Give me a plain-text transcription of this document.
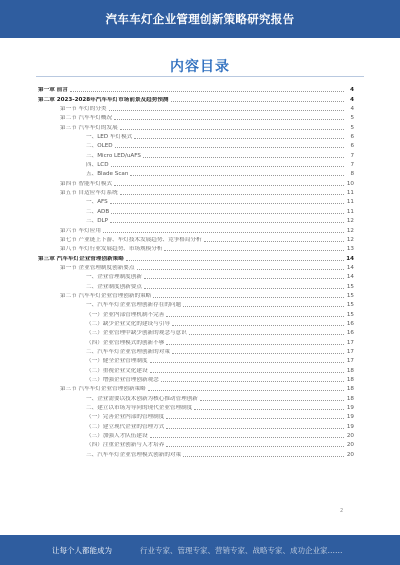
汽车车灯企业管理创新策略研究报告
内容目录
第一章 前言	4
第二章 2023-2028年汽车车灯市场前景及趋势预测	4
第一节 车灯的分类	4
第二节 汽车车灯概况	5
第三节 汽车车灯的发展	5
一、LED 车灯模式	6
二、OLED	6
三、Micro LED/uAFS	7
四、LCD	7
五、Blade Scan	8
第四节 智能车灯模式	10
第五节 自适应车灯系统	11
一、AFS	11
二、ADB	11
三、DLP	12
第六节 车灯应用	12
第七节 产业链上下游、车灯技术发展趋势、竞争格局分析	12
第八节 车灯行业发展趋势、市场规模分析	13
第三章 汽车车灯企业管理创新策略	14
第一节 企业管理制度创新要点	14
一、企业管理制度创新	14
二、企业制度创新要点	15
第二节 汽车车灯企业管理创新的策略	15
一、汽车车灯企业管理创新存在的问题	15
（一）企业内部管理机制不完善	15
（二）缺少企业文化的建设与引导	16
（三）企业管理中缺少创新的观念与意识	16
（四）企业管理模式的创新不够	17
二、汽车车灯企业管理创新的对策	17
（一）健全企业管理制度	17
（二）重视企业文化建设	18
（三）增强企业管理创新观念	18
第三节 汽车车灯企业管理创新策略	18
一、企业需要以技术创新为核心推动管理创新	18
二、建立以市场为导向的现代企业管理制度	19
（一）完善企业内部的管理制度	19
（二）建立现代企业的管理方式	19
（三）加强人才队伍建设	20
（四）注重企业创新与人才培养	20
三、汽车车灯企业管理模式创新的对策	20
2
让每个人都能成为	行业专家、管理专家、营销专家、战略专家、成功企业家……
